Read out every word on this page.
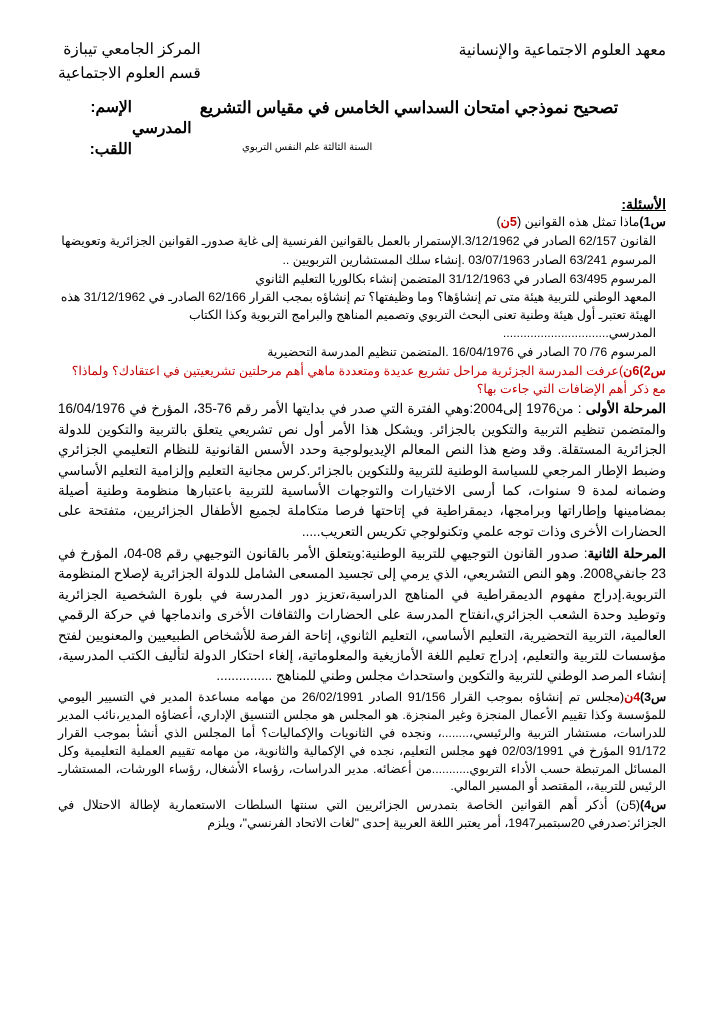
المركز الجامعي تيبازة
قسم العلوم الاجتماعية
معهد العلوم الاجتماعية والإنسانية
الإسم:	تصحيح نموذجي امتحان السداسي الخامس في مقياس التشريع
المدرسي
اللقب:	السنة الثالثة علم النفس التربوي
الأسئلة:

س1)ماذا تمثل هذه القوانين (5ن)

القانون 62/157 الصادر في 3/12/1962.الإستمرار بالعمل بالقوانين الفرنسية إلى غاية صدورـ القوانين الجزائرية وتعويضها

المرسوم 63/241 الصادر 03/07/1963 .إنشاء سلك المستشارين التربويين ..

المرسوم 63/495 الصادر في 31/12/1963 المتضمن إنشاء بكالوريا التعليم الثانوي

المعهد الوطني للتربية هيئة متى تم إنشاؤها؟ وما وظيفتها؟ تم إنشاؤه بمجب القرار 62/166 الصادرـ في 31/12/1962 هذه الهيئة تعتبرـ أول هيئة وطنية تعنى البحث التربوي وتصميم المناهج والبرامج التربوية وكذا الكتاب المدرسي...............................

المرسوم 76/ 70 الصادر في 16/04/1976 .المتضمن تنظيم المدرسة التحضيرية

س2)6ن)عرفت المدرسة الجزئرية مراحل تشريع عديدة ومتعددة ماهي أهم مرحلتين تشريعيتين في اعتقادك؟ ولماذا؟ مع ذكر أهم الإضافات التي جاءت بها؟

المرحلة الأولى : من1976 إلى2004:وهي الفترة التي صدر في بدايتها الأمر رقم 76-35، المؤرخ في 16/04/1976 والمتضمن تنظيم التربية والتكوين بالجزائر. ويشكل هذا الأمر أول نص تشريعي يتعلق بالتربية والتكوين للدولة الجزائرية المستقلة. وقد وضع هذا النص المعالم الإيديولوجية وحدد الأسس القانونية للنظام التعليمي الجزائري وضبط الإطار المرجعي للسياسة الوطنية للتربية وللتكوين بالجزائر.كرس مجانية التعليم وإلزامية التعليم الأساسي وضمانه لمدة 9 سنوات، كما أرسى الاختيارات والتوجهات الأساسية للتربية باعتبارها منظومة وطنية أصيلة بمضامينها وإطاراتها وبرامجها، ديمقراطية في إتاحتها فرصا متكاملة لجميع الأطفال الجزائريين، متفتحة على الحضارات الأخرى وذات توجه علمي وتكنولوجي تكريس التعريب.....

المرحلة الثانية: صدور القانون التوجيهي للتربية الوطنية:ويتعلق الأمر بالقانون التوجيهي رقم 08-04، المؤرخ في 23 جانفي2008. وهو النص التشريعي، الذي يرمي إلى تجسيد المسعى الشامل للدولة الجزائرية لإصلاح المنظومة التربوية.إدراج مفهوم الديمقراطية في المناهج الدراسية،تعزيز دور المدرسة في بلورة الشخصية الجزائرية وتوطيد وحدة الشعب الجزائري،انفتاح المدرسة على الحضارات والثقافات الأخرى واندماجها في حركة الرقمي العالمية، التربية التحضيرية، التعليم الأساسي، التعليم الثانوي، إتاحة الفرصة للأشخاص الطبيعيين والمعنويين لفتح مؤسسات للتربية والتعليم، إدراج تعليم اللغة الأمازيغية والمعلوماتية، إلغاء احتكار الدولة لتأليف الكتب المدرسية، إنشاء المرصد الوطني للتربية والتكوين واستحداث مجلس وطني للمناهج ...............

س3)4ن(مجلس تم إنشاؤه بموجب القرار 91/156 الصادر 26/02/1991 من مهامه مساعدة المدير في التسيير اليومي للمؤسسة وكذا تقييم الأعمال المنجزة وغير المنجزة. هو المجلس هو مجلس التنسيق الإداري، أعضاؤه المدير،نائب المدير للدراسات، مستشار التربية والرئيسي،........، ونجده في الثانويات والإكماليات؟ أما المجلس الذي أنشأ بموجب القرار 91/172 المؤرخ في 02/03/1991 فهو مجلس التعليم، نجده في الإكمالية والثانوية، من مهامه تقييم العملية التعليمية وكل المسائل المرتبطة حسب الأداء التربوي...........من أعضائه. مدير الدراسات، رؤساء الأشغال، رؤساء الورشات، المستشارـ الرئيس للتربية،، المقتصد أو المسير المالي.

س4)(5ن) أذكر أهم القوانين الخاصة بتمدرس الجزائريين التي سنتها السلطات الاستعمارية لإطالة الاحتلال في الجزائر:صدرفي 20سبتمبر1947، أمر يعتبر اللغة العربية إحدى "لغات الاتحاد الفرنسي"، ويلزم
